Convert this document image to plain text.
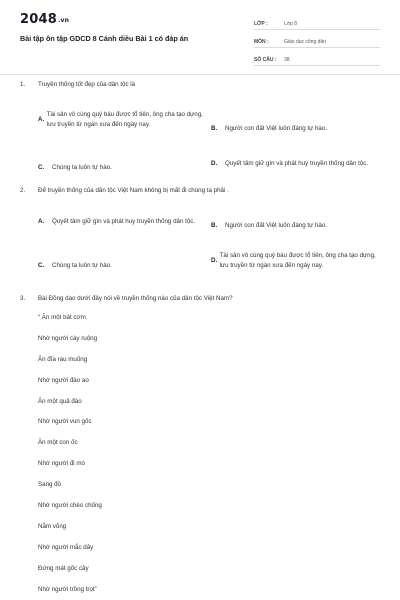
2048.vn
Bài tập ôn tập GDCD 8 Cánh diều Bài 1 có đáp án
LỚP :	Lớp 8
MÔN :	Giáo dục công dân
SỐ CÂU :	38
1.	Truyền thống tốt đẹp của dân tộc là
A.
Tài sản vô cùng quý báu được tổ tiên, ông cha tạo dựng, lưu truyền từ ngàn xưa đến ngày nay.
B.	Người con đất Việt luôn đáng tự hào.
C.	Chúng ta luôn tự hào.
D.	Quyết tâm giữ gìn và phát huy truyền thống dân tộc.
2.	Để truyền thống của dân tộc Việt Nam không bị mất đi chúng ta phải .
A.	Quyết tâm giữ gìn và phát huy truyền thống dân tộc.
B.	Người con đất Việt luôn đáng tự hào.
C.	Chúng ta luôn tự hào.
D.
Tài sản vô cùng quý báu được tổ tiên, ông cha tạo dựng, lưu truyền từ ngàn xưa đến ngày nay.
3.	Bài Đồng dao dưới đây nói về truyền thống nào của dân tộc Việt Nam?
“ Ăn một bát cơm
Nhớ người cày ruộng
Ăn đĩa rau muống
Nhớ người đào ao
Ăn một quả đào
Nhớ người vun gốc
Ăn một con ốc
Nhớ người đi mò
Sang đò
Nhớ người chèo chống
Nằm võng
Nhớ người mắc dây
Đứng mát gốc cây
Nhớ người trồng trọt”
